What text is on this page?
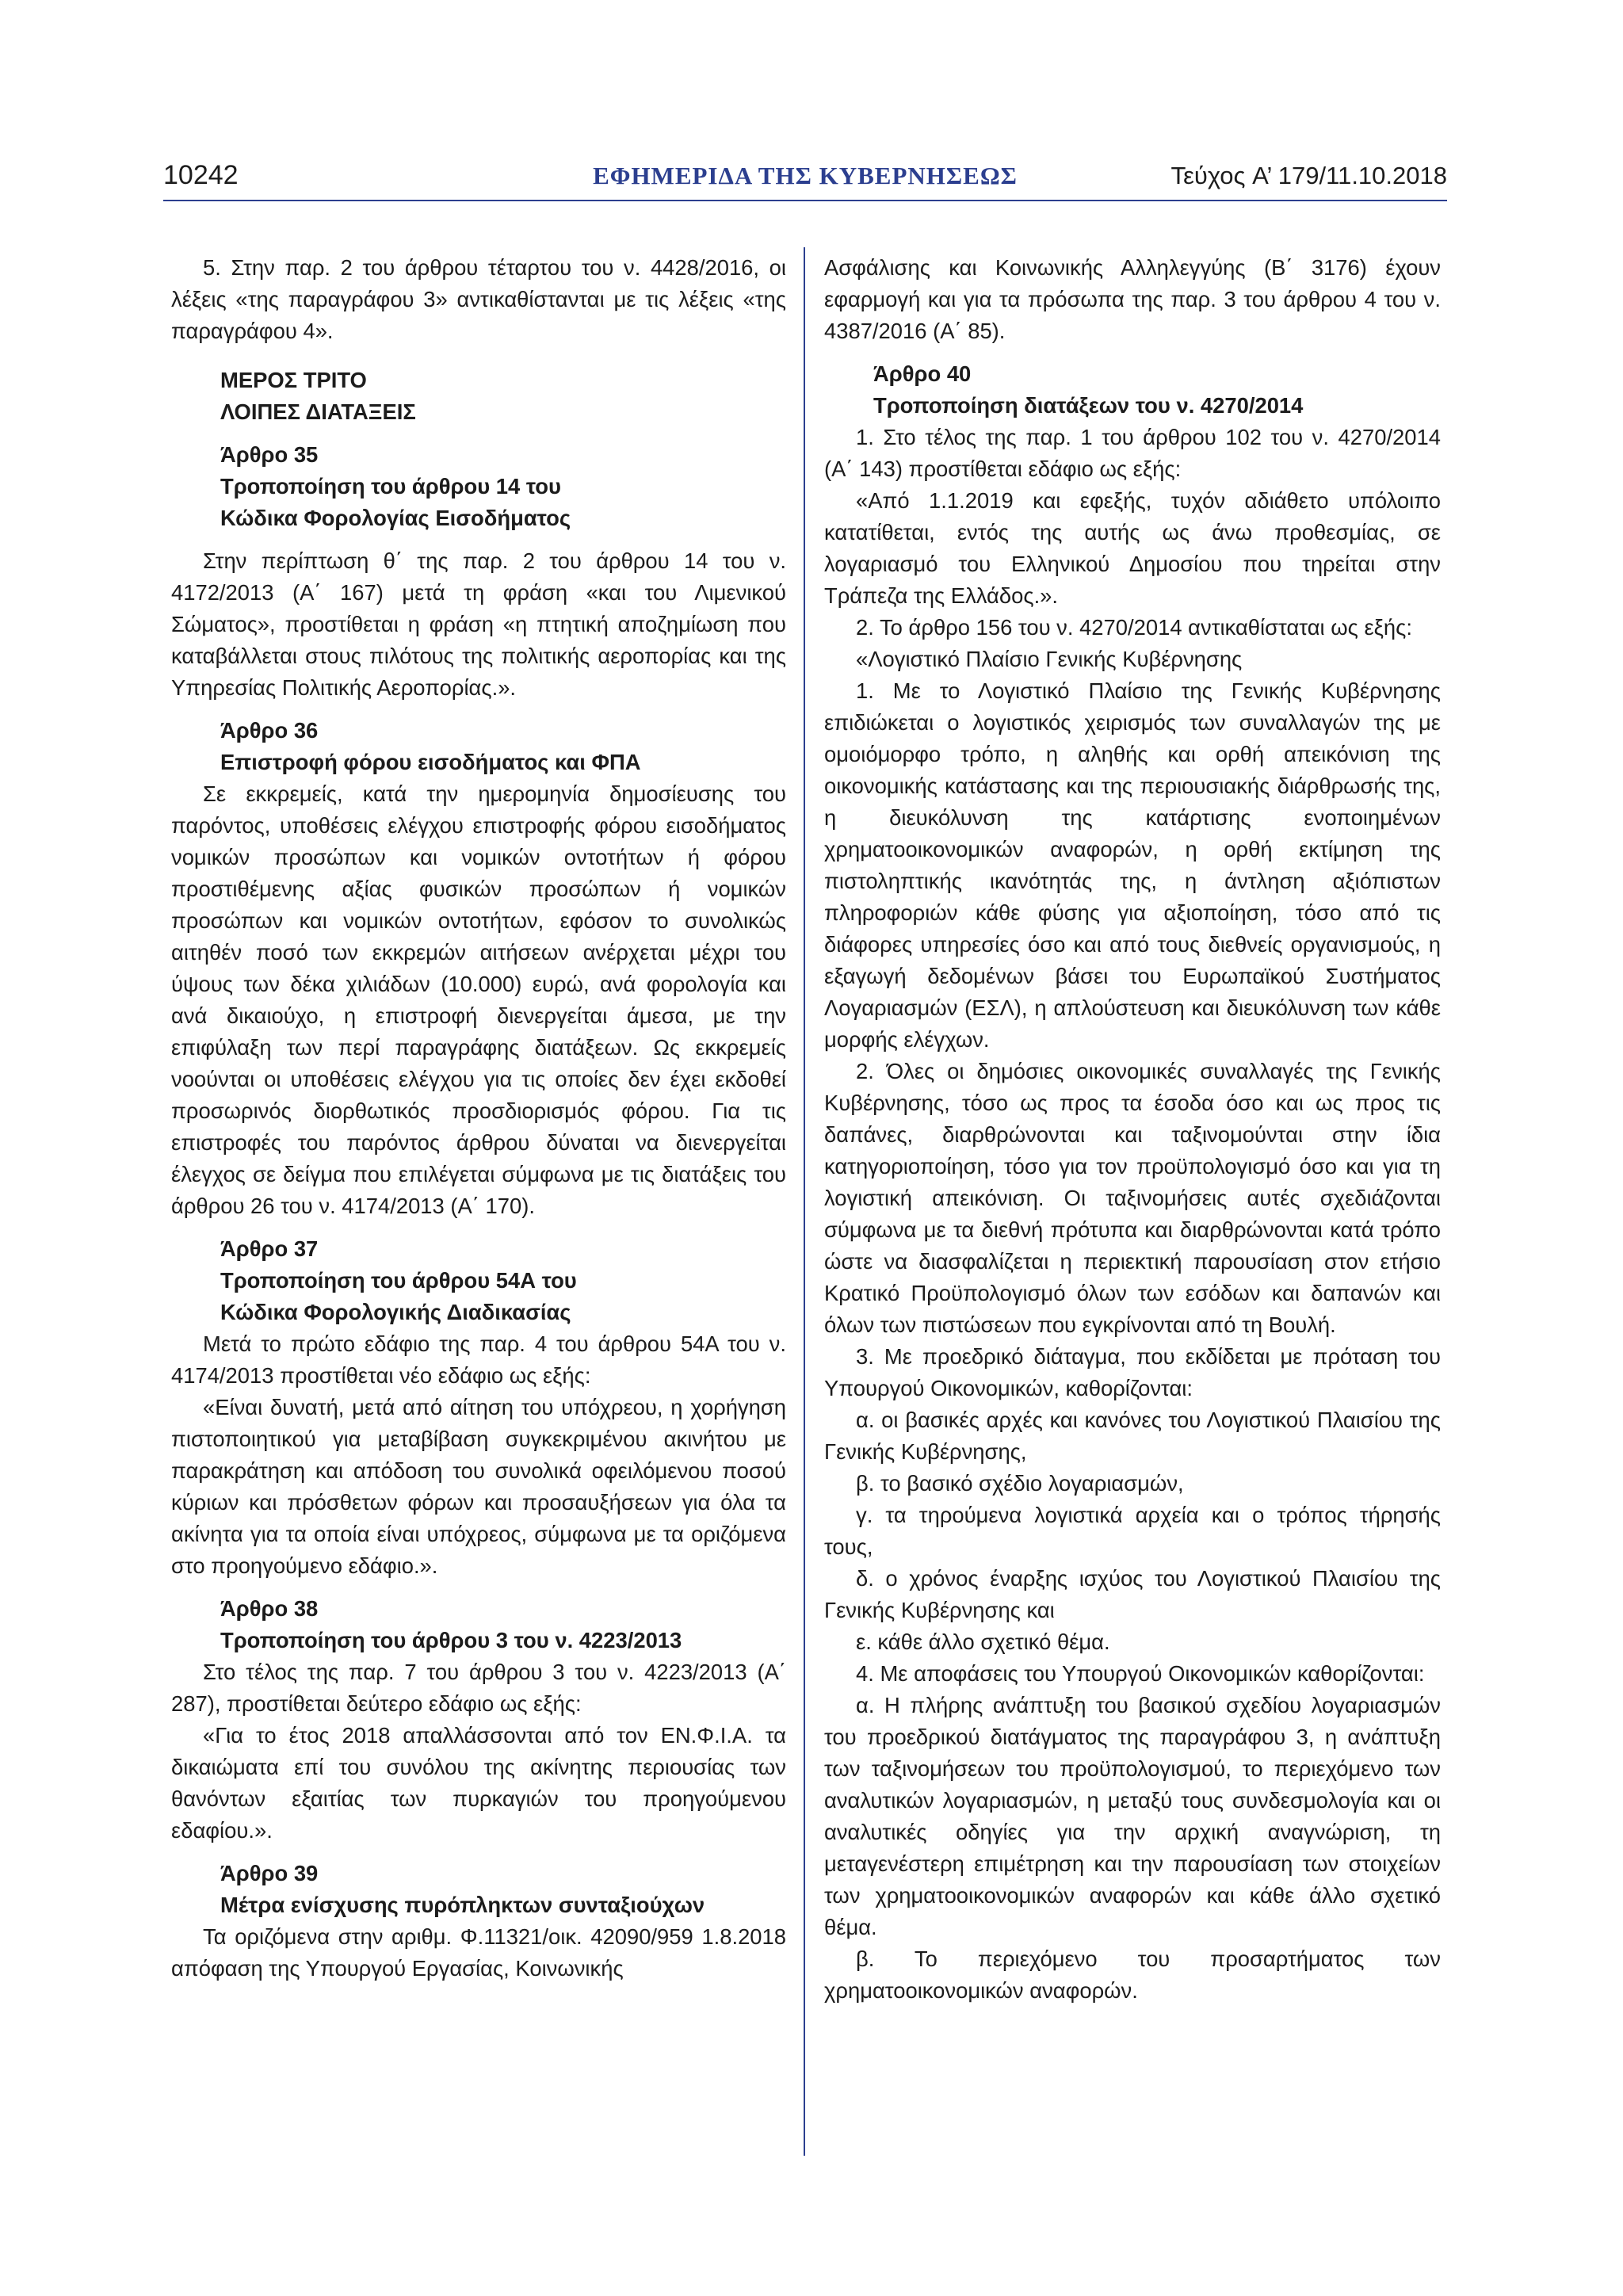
10242	ΕΦΗΜΕΡΙΔΑ ΤΗΣ ΚΥΒΕΡΝΗΣΕΩΣ	Τεύχος A’ 179/11.10.2018

5. Στην παρ. 2 του άρθρου τέταρτου του ν. 4428/2016, οι λέξεις «της παραγράφου 3» αντικαθίστανται με τις λέξεις «της παραγράφου 4».

ΜΕΡΟΣ ΤΡΙΤΟ
ΛΟΙΠΕΣ ΔΙΑΤΑΞΕΙΣ
Άρθρο 35
Τροποποίηση του άρθρου 14 του
Κώδικα Φορολογίας Εισοδήματος

Στην περίπτωση θ΄ της παρ. 2 του άρθρου 14 του ν. 4172/2013 (Α΄ 167) μετά τη φράση «και του Λιμενικού Σώματος», προστίθεται η φράση «η πτητική αποζημίωση που καταβάλλεται στους πιλότους της πολιτικής αεροπορίας και της Υπηρεσίας Πολιτικής Αεροπορίας.».

Άρθρο 36
Επιστροφή φόρου εισοδήματος και ΦΠΑ

Σε εκκρεμείς, κατά την ημερομηνία δημοσίευσης του παρόντος, υποθέσεις ελέγχου επιστροφής φόρου εισοδήματος νομικών προσώπων και νομικών οντοτήτων ή φόρου προστιθέμενης αξίας φυσικών προσώπων ή νομικών προσώπων και νομικών οντοτήτων, εφόσον το συνολικώς αιτηθέν ποσό των εκκρεμών αιτήσεων ανέρχεται μέχρι του ύψους των δέκα χιλιάδων (10.000) ευρώ, ανά φορολογία και ανά δικαιούχο, η επιστροφή διενεργείται άμεσα, με την επιφύλαξη των περί παραγράφης διατάξεων. Ως εκκρεμείς νοούνται οι υποθέσεις ελέγχου για τις οποίες δεν έχει εκδοθεί προσωρινός διορθωτικός προσδιορισμός φόρου. Για τις επιστροφές του παρόντος άρθρου δύναται να διενεργείται έλεγχος σε δείγμα που επιλέγεται σύμφωνα με τις διατάξεις του άρθρου 26 του ν. 4174/2013 (Α΄ 170).

Άρθρο 37
Τροποποίηση του άρθρου 54Α του
Κώδικα Φορολογικής Διαδικασίας

Μετά το πρώτο εδάφιο της παρ. 4 του άρθρου 54Α του ν. 4174/2013 προστίθεται νέο εδάφιο ως εξής:

«Είναι δυνατή, μετά από αίτηση του υπόχρεου, η χορήγηση πιστοποιητικού για μεταβίβαση συγκεκριμένου ακινήτου με παρακράτηση και απόδοση του συνολικά οφειλόμενου ποσού κύριων και πρόσθετων φόρων και προσαυξήσεων για όλα τα ακίνητα για τα οποία είναι υπόχρεος, σύμφωνα με τα οριζόμενα στο προηγούμενο εδάφιο.».

Άρθρο 38
Τροποποίηση του άρθρου 3 του ν. 4223/2013

Στο τέλος της παρ. 7 του άρθρου 3 του ν. 4223/2013 (Α΄ 287), προστίθεται δεύτερο εδάφιο ως εξής:

«Για το έτος 2018 απαλλάσσονται από τον ΕΝ.Φ.Ι.Α. τα δικαιώματα επί του συνόλου της ακίνητης περιουσίας των θανόντων εξαιτίας των πυρκαγιών του προηγούμενου εδαφίου.».

Άρθρο 39
Μέτρα ενίσχυσης πυρόπληκτων συνταξιούχων

Τα οριζόμενα στην αριθμ. Φ.11321/οικ. 42090/959 1.8.2018 απόφαση της Υπουργού Εργασίας, Κοινωνικής

Ασφάλισης και Κοινωνικής Αλληλεγγύης (Β΄ 3176) έχουν εφαρμογή και για τα πρόσωπα της παρ. 3 του άρθρου 4 του ν. 4387/2016 (Α΄ 85).

Άρθρο 40
Τροποποίηση διατάξεων του ν. 4270/2014

1. Στο τέλος της παρ. 1 του άρθρου 102 του ν. 4270/2014 (Α΄ 143) προστίθεται εδάφιο ως εξής:

«Από 1.1.2019 και εφεξής, τυχόν αδιάθετο υπόλοιπο κατατίθεται, εντός της αυτής ως άνω προθεσμίας, σε λογαριασμό του Ελληνικού Δημοσίου που τηρείται στην Τράπεζα της Ελλάδος.».

2. Το άρθρο 156 του ν. 4270/2014 αντικαθίσταται ως εξής:

«Λογιστικό Πλαίσιο Γενικής Κυβέρνησης

1. Με το Λογιστικό Πλαίσιο της Γενικής Κυβέρνησης επιδιώκεται ο λογιστικός χειρισμός των συναλλαγών της με ομοιόμορφο τρόπο, η αληθής και ορθή απεικόνιση της οικονομικής κατάστασης και της περιουσιακής διάρθρωσής της, η διευκόλυνση της κατάρτισης ενοποιημένων χρηματοοικονομικών αναφορών, η ορθή εκτίμηση της πιστοληπτικής ικανότητάς της, η άντληση αξιόπιστων πληροφοριών κάθε φύσης για αξιοποίηση, τόσο από τις διάφορες υπηρεσίες όσο και από τους διεθνείς οργανισμούς, η εξαγωγή δεδομένων βάσει του Ευρωπαϊκού Συστήματος Λογαριασμών (ΕΣΛ), η απλούστευση και διευκόλυνση των κάθε μορφής ελέγχων.

2. Όλες οι δημόσιες οικονομικές συναλλαγές της Γενικής Κυβέρνησης, τόσο ως προς τα έσοδα όσο και ως προς τις δαπάνες, διαρθρώνονται και ταξινομούνται στην ίδια κατηγοριοποίηση, τόσο για τον προϋπολογισμό όσο και για τη λογιστική απεικόνιση. Οι ταξινομήσεις αυτές σχεδιάζονται σύμφωνα με τα διεθνή πρότυπα και διαρθρώνονται κατά τρόπο ώστε να διασφαλίζεται η περιεκτική παρουσίαση στον ετήσιο Κρατικό Προϋπολογισμό όλων των εσόδων και δαπανών και όλων των πιστώσεων που εγκρίνονται από τη Βουλή.

3. Με προεδρικό διάταγμα, που εκδίδεται με πρόταση του Υπουργού Οικονομικών, καθορίζονται:

α. οι βασικές αρχές και κανόνες του Λογιστικού Πλαισίου της Γενικής Κυβέρνησης,

β. το βασικό σχέδιο λογαριασμών,

γ. τα τηρούμενα λογιστικά αρχεία και ο τρόπος τήρησής τους,

δ. ο χρόνος έναρξης ισχύος του Λογιστικού Πλαισίου της Γενικής Κυβέρνησης και

ε. κάθε άλλο σχετικό θέμα.

4. Με αποφάσεις του Υπουργού Οικονομικών καθορίζονται:

α. Η πλήρης ανάπτυξη του βασικού σχεδίου λογαριασμών του προεδρικού διατάγματος της παραγράφου 3, η ανάπτυξη των ταξινομήσεων του προϋπολογισμού, το περιεχόμενο των αναλυτικών λογαριασμών, η μεταξύ τους συνδεσμολογία και οι αναλυτικές οδηγίες για την αρχική αναγνώριση, τη μεταγενέστερη επιμέτρηση και την παρουσίαση των στοιχείων των χρηματοοικονομικών αναφορών και κάθε άλλο σχετικό θέμα.

β. Το περιεχόμενο του προσαρτήματος των χρηματοοικονομικών αναφορών.
